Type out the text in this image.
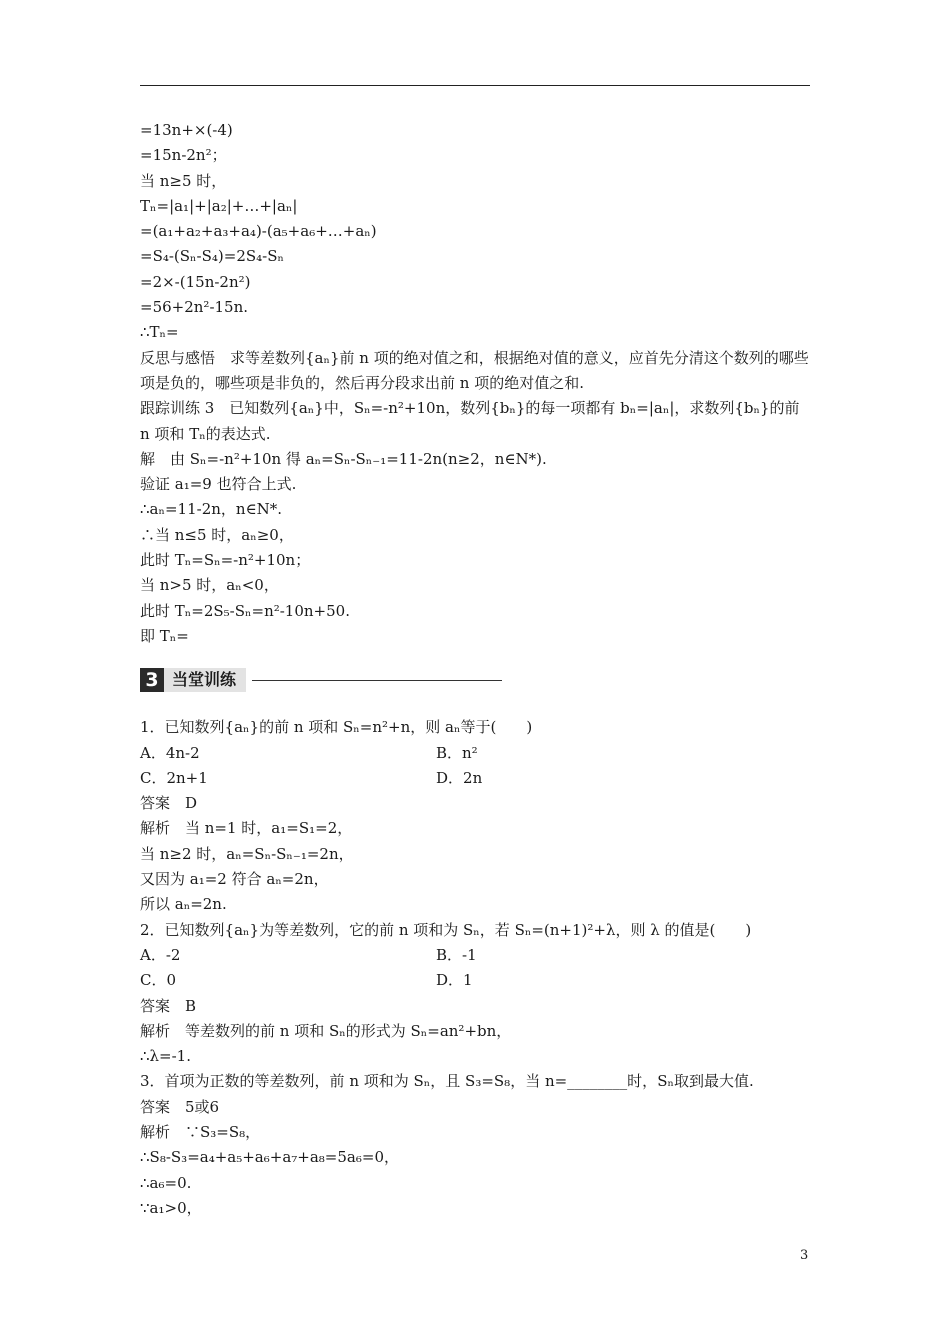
=13n+×(-4)
=15n-2n²；
当 n≥5 时，
Tₙ=|a₁|+|a₂|+…+|aₙ|
=(a₁+a₂+a₃+a₄)-(a₅+a₆+…+aₙ)
=S₄-(Sₙ-S₄)=2S₄-Sₙ
=2×-(15n-2n²)
=56+2n²-15n.
∴Tₙ=
反思与感悟　求等差数列{aₙ}前 n 项的绝对值之和，根据绝对值的意义，应首先分清这个数列的哪些项是负的，哪些项是非负的，然后再分段求出前 n 项的绝对值之和.
跟踪训练 3　已知数列{aₙ}中，Sₙ=-n²+10n，数列{bₙ}的每一项都有 bₙ=|aₙ|，求数列{bₙ}的前 n 项和 Tₙ的表达式.
解　由 Sₙ=-n²+10n 得 aₙ=Sₙ-Sₙ₋₁=11-2n(n≥2，n∈N*).
验证 a₁=9 也符合上式.
∴aₙ=11-2n，n∈N*.
∴当 n≤5 时，aₙ≥0，
此时 Tₙ=Sₙ=-n²+10n；
当 n>5 时，aₙ<0，
此时 Tₙ=2S₅-Sₙ=n²-10n+50.
即 Tₙ=
3 当堂训练
1．已知数列{aₙ}的前 n 项和 Sₙ=n²+n，则 aₙ等于(　　)
A．4n-2	B．n²
C．2n+1	D．2n
答案　D
解析　当 n=1 时，a₁=S₁=2，
当 n≥2 时，aₙ=Sₙ-Sₙ₋₁=2n，
又因为 a₁=2 符合 aₙ=2n，
所以 aₙ=2n.
2．已知数列{aₙ}为等差数列，它的前 n 项和为 Sₙ，若 Sₙ=(n+1)²+λ，则 λ 的值是(　　)
A．-2	B．-1
C．0	D．1
答案　B
解析　等差数列的前 n 项和 Sₙ的形式为 Sₙ=an²+bn，
∴λ=-1.
3．首项为正数的等差数列，前 n 项和为 Sₙ，且 S₃=S₈，当 n=________时，Sₙ取到最大值.
答案　5或6
解析　∵S₃=S₈，
∴S₈-S₃=a₄+a₅+a₆+a₇+a₈=5a₆=0，
∴a₆=0.
∵a₁>0，
3
